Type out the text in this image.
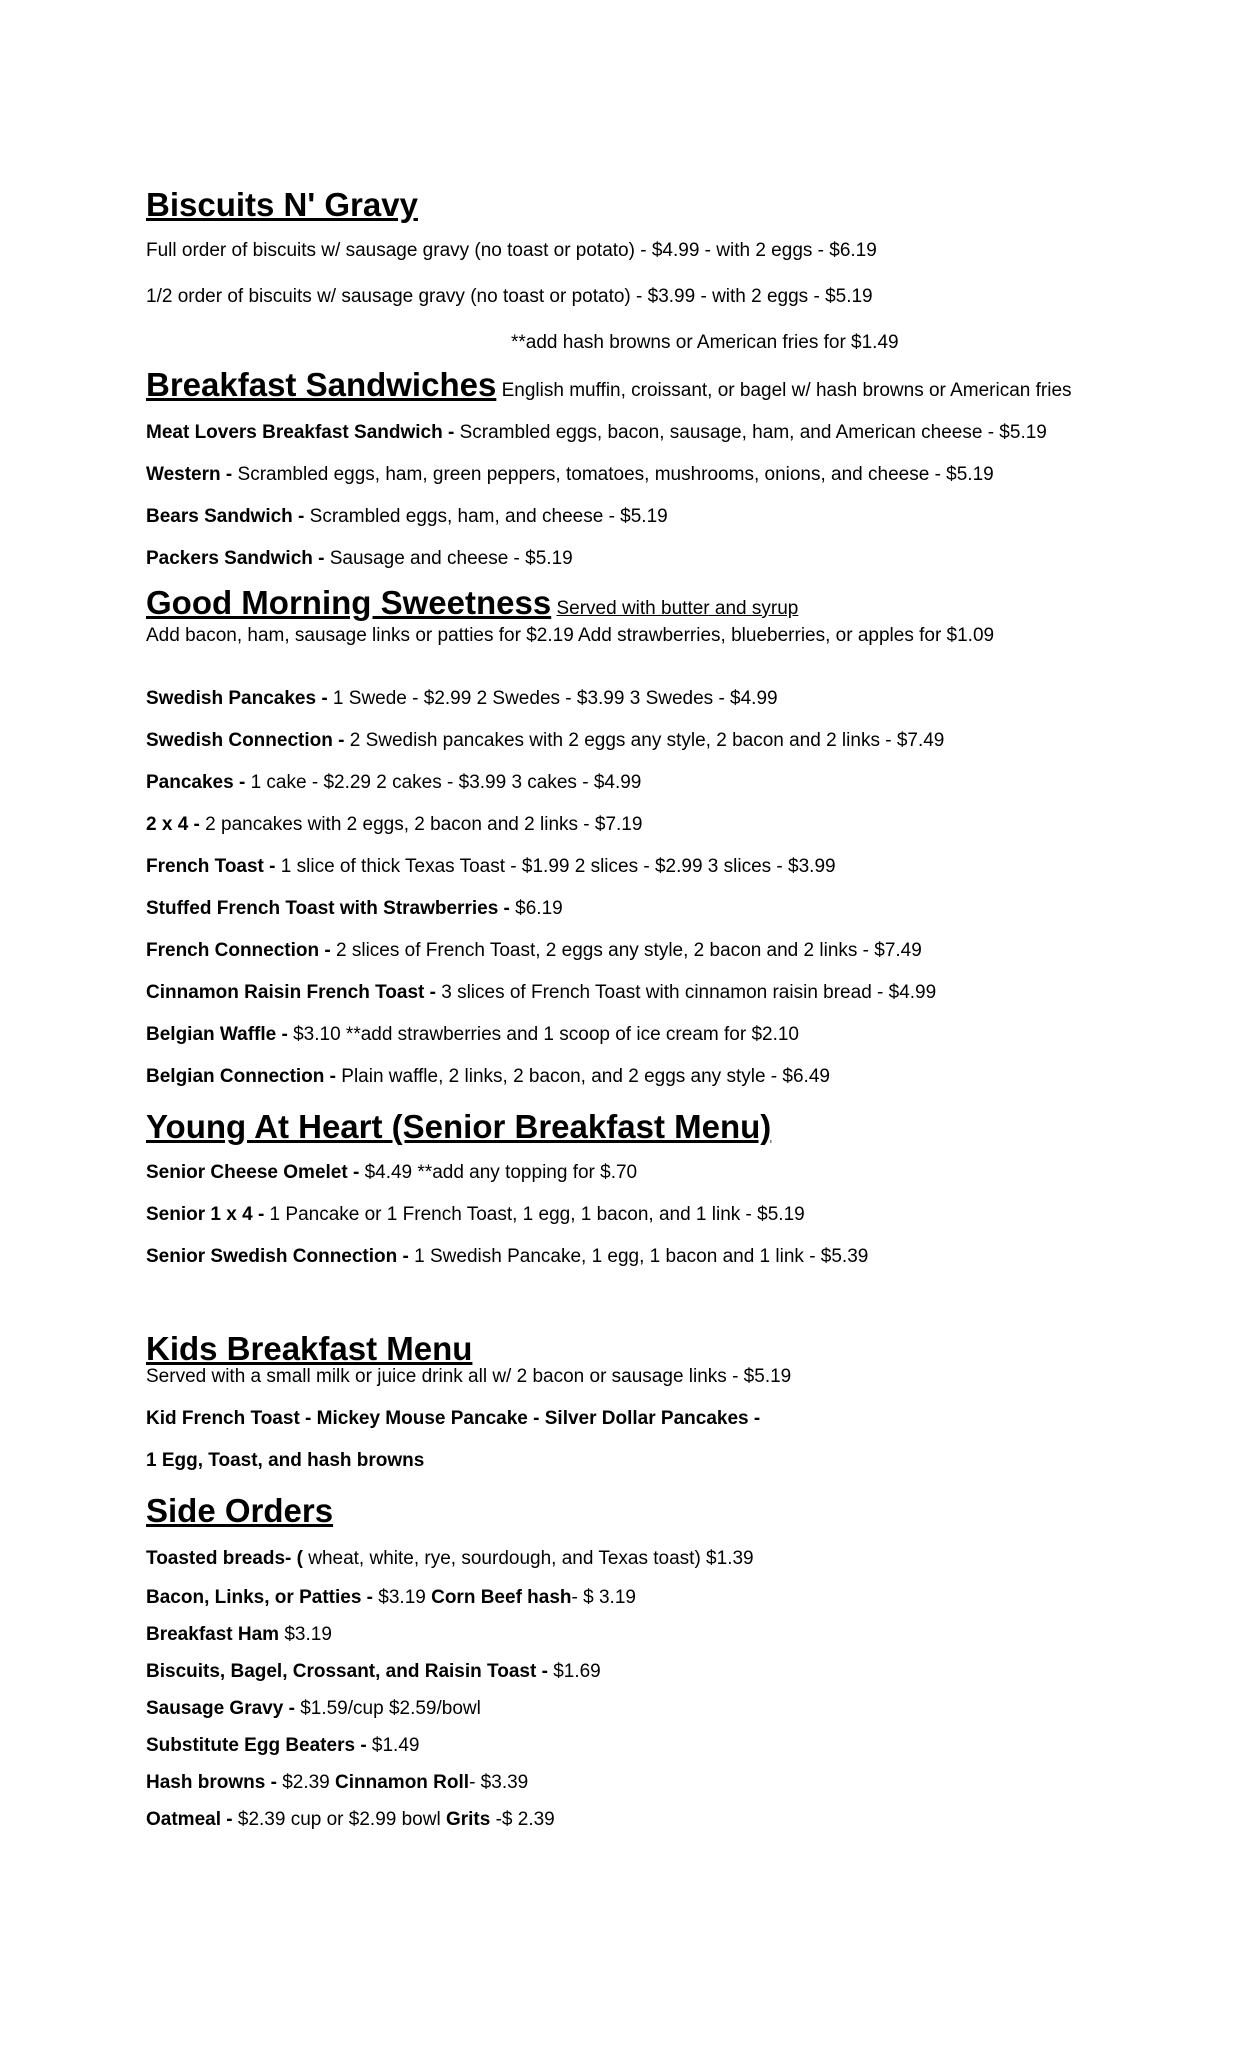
Biscuits N' Gravy

Full order of biscuits w/ sausage gravy (no toast or potato) - $4.99 - with 2 eggs - $6.19

1/2 order of biscuits w/ sausage gravy (no toast or potato) - $3.99 - with 2 eggs - $5.19

**add hash browns or American fries for $1.49

Breakfast Sandwiches English muffin, croissant, or bagel w/ hash browns or American fries

Meat Lovers Breakfast Sandwich - Scrambled eggs, bacon, sausage, ham, and American cheese - $5.19

Western - Scrambled eggs, ham, green peppers, tomatoes, mushrooms, onions, and cheese - $5.19

Bears Sandwich - Scrambled eggs, ham, and cheese - $5.19

Packers Sandwich - Sausage and cheese - $5.19

Good Morning Sweetness Served with butter and syrup

Add bacon, ham, sausage links or patties for $2.19 Add strawberries, blueberries, or apples for $1.09

Swedish Pancakes - 1 Swede - $2.99 2 Swedes - $3.99 3 Swedes - $4.99

Swedish Connection - 2 Swedish pancakes with 2 eggs any style, 2 bacon and 2 links - $7.49

Pancakes - 1 cake - $2.29 2 cakes - $3.99 3 cakes - $4.99

2 x 4 - 2 pancakes with 2 eggs, 2 bacon and 2 links - $7.19

French Toast - 1 slice of thick Texas Toast - $1.99 2 slices - $2.99 3 slices - $3.99

Stuffed French Toast with Strawberries - $6.19

French Connection - 2 slices of French Toast, 2 eggs any style, 2 bacon and 2 links - $7.49

Cinnamon Raisin French Toast - 3 slices of French Toast with cinnamon raisin bread - $4.99

Belgian Waffle - $3.10 **add strawberries and 1 scoop of ice cream for $2.10

Belgian Connection - Plain waffle, 2 links, 2 bacon, and 2 eggs any style - $6.49

Young At Heart (Senior Breakfast Menu)

Senior Cheese Omelet - $4.49 **add any topping for $.70

Senior 1 x 4 - 1 Pancake or 1 French Toast, 1 egg, 1 bacon, and 1 link - $5.19

Senior Swedish Connection - 1 Swedish Pancake, 1 egg, 1 bacon and 1 link - $5.39

Kids Breakfast Menu

Served with a small milk or juice drink all w/ 2 bacon or sausage links - $5.19

Kid French Toast - Mickey Mouse Pancake - Silver Dollar Pancakes -

1 Egg, Toast, and hash browns

Side Orders

Toasted breads- ( wheat, white, rye, sourdough, and Texas toast) $1.39

Bacon, Links, or Patties - $3.19 Corn Beef hash- $ 3.19

Breakfast Ham $3.19

Biscuits, Bagel, Crossant, and Raisin Toast - $1.69

Sausage Gravy - $1.59/cup $2.59/bowl

Substitute Egg Beaters - $1.49

Hash browns - $2.39 Cinnamon Roll- $3.39

Oatmeal - $2.39 cup or $2.99 bowl Grits -$ 2.39
